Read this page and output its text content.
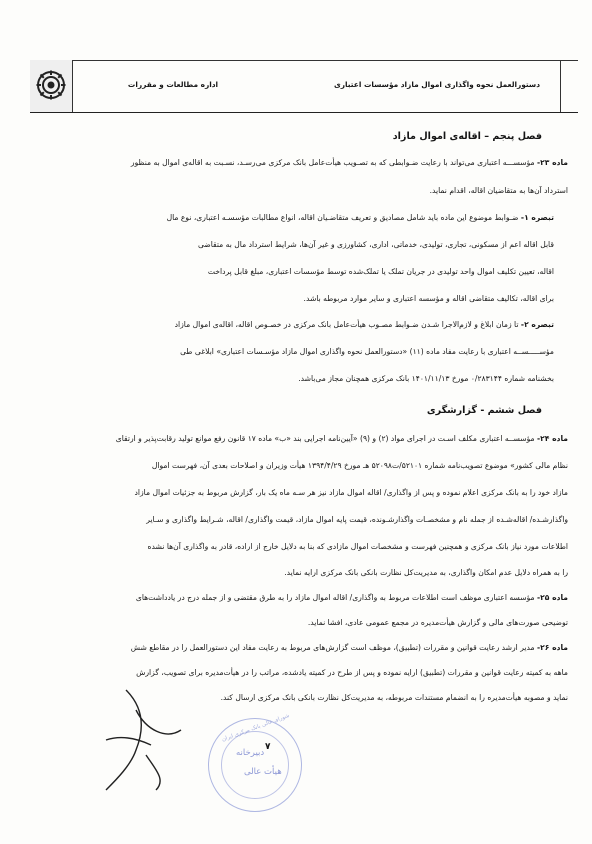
اداره مطالعات و مقررات	دستورالعمل نحوه واگذاری اموال مازاد مؤسسات اعتباری
فصل پنجم – اقاله‌ی اموال مازاد
ماده ۲۳- مؤسســـه اعتباری می‌تواند با رعایت ضـوابطی که به تصـویب هیأت‌عامل بانک مرکزی می‌رسـد، نسـبت به اقاله‌ی اموال به منظور
استرداد آن‌ها به متقاضیان اقاله، اقدام نماید.
تبصره ۱- ضـوابط موضوع این ماده باید شامل مصاديق و تعریف متقاضـیان اقاله، انواع مطالبات مؤسسـه اعتباری، نوع مال
قابل اقاله اعم از مسکونی، تجاری، تولیدی، خدماتی، اداری، کشاورزی و غیر آن‌ها، شرایط استرداد مال به متقاضی
اقاله، تعیین تکلیف اموال واحد تولیدی در جریان تملک یا تملک‌شده توسط مؤسسات اعتباری، مبلغ قابل پرداخت
برای اقاله، تکالیف متقاضی اقاله و مؤسسه اعتباری و سایر موارد مربوطه باشد.
تبصره ۲- تا زمان ابلاغ و لازم‌الاجرا شـدن ضـوابط مصـوب هیأت‌عامل بانک مرکزی در خصـوص اقاله، اقاله‌ی اموال مازاد
مؤســـــســه اعتباری با رعایت مفاد ماده (۱۱) «دستورالعمل نحوه واگذاری اموال مازاد مؤسـسات اعتباری» ابلاغی طی
بخشنامه شماره ۰/۲۸۳۱۴۴ مورخ ۱۴۰۱/۱۱/۱۳ بانک مرکزی همچنان مجاز می‌باشد.
فصل ششم - گزارشگری
ماده ۲۴- مؤسســه اعتباری مکلف اسـت در اجرای مواد (۲) و (۹) «آیین‌نامه اجرایی بند «ب» ماده ۱۷ قانون رفع موانع تولید رقابت‌پذیر و ارتقای
نظام مالی کشور» موضوع تصویب‌نامه شماره ۵۲۱۰۱/ت۵۲۰۹۸ هـ مورخ ۱۳۹۴/۴/۲۹ هیأت وزیران و اصلاحات بعدی آن، فهرست اموال
مازاد خود را به بانک مرکزی اعلام نموده و پس از واگذاری/ اقاله اموال مازاد نیز هر سـه ماه یک بار، گزارش مربوط به جزئیات اموال مازاد
واگذارشـده/ اقاله‌شـده از جمله نام و مشخصـات واگذارشـونده، قیمت پایه اموال مازاد، قیمت واگذاری/ اقاله، شـرایط واگذاری و سـایر
اطلاعات مورد نیاز بانک مرکزی و همچنین فهرست و مشخصات اموال مازادی که بنا به دلایل خارج از اراده، قادر به واگذاری آن‌ها نشده
را به همراه دلایل عدم امکان واگذاری، به مدیریت‌کل نظارت بانکی بانک مرکزی ارایه نماید.
ماده ۲۵- مؤسسه اعتباری موظف است اطلاعات مربوط به واگذاری/ اقاله اموال مازاد را به طرق مقتضی و از جمله درج در یادداشت‌های
توضیحی صورت‌های مالی و گزارش هیأت‌مدیره در مجمع عمومی عادی، افشا نماید.
ماده ۲۶- مدیر ارشد رعایت قوانین و مقررات (تطبیق)، موظف است گزارش‌های مربوط به رعایت مفاد این دستورالعمل را در مقاطع شش
ماهه به کمیته رعایت قوانین و مقررات (تطبیق) ارایه نموده و پس از طرح در کمیته یادشده، مراتب را در هیأت‌مدیره برای تصویب، گزارش
نماید و مصوبه هیأت‌مدیره را به انضمام مستندات مربوطه، به مدیریت‌کل نظارت بانکی بانک مرکزی ارسال کند.
شورای عالی بانک مرکزی ایران
دبیرخانه
هیأت عالی
۷
